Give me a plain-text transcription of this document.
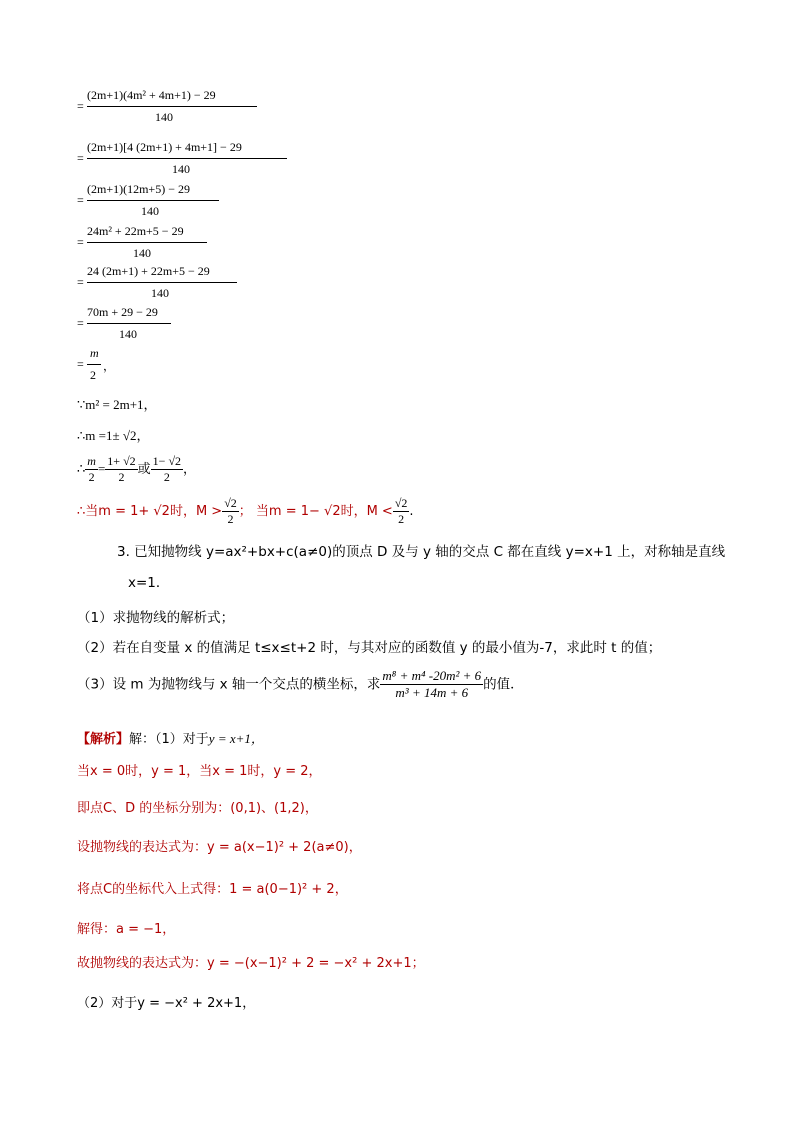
=
(2m+1)(4m² + 4m+1) − 29
140
=
(2m+1)[4 (2m+1) + 4m+1] − 29
140
=
(2m+1)(12m+5) − 29
140
=
24m² + 22m+5 − 29
140
=
24 (2m+1) + 22m+5 − 29
140
=
70m + 29 − 29
140
=
m
2
，
∵m² = 2m+1，
∴m =1± √2，
∴ $\frac{m}{2} = \frac{1+ √2}{2}$ 或 $\frac{1- √2}{2}$ ，
∴当m = 1+ √2时，$M > \frac{√2}{2}$ ； 当m = 1− √2时，$M < \frac{√2}{2}$ .
3. 已知抛物线 y=ax²+bx+c(a≠0)的顶点 D 及与 y 轴的交点 C 都在直线 y=x+1 上，对称轴是直线
x=1．
（1）求抛物线的解析式；
（2）若在自变量 x 的值满足 t≤x≤t+2 时，与其对应的函数值 y 的最小值为-7，求此时 t 的值；
（3）设 m 为抛物线与 x 轴一个交点的横坐标，求 $\frac{\text{m⁸ + m⁴ -20m² + 6}}{\text{m³ + 14m + 6}}$ 的值．
【解析】解：（1）对于y = x+1，
当x = 0时，y = 1，当x = 1时，y = 2，
即点C、D 的坐标分别为：(0,1)、(1,2)，
设抛物线的表达式为：y = a(x−1)² + 2(a≠0)，
将点C的坐标代入上式得：1 = a(0−1)² + 2，
解得：a = −1，
故抛物线的表达式为：y = −(x−1)² + 2 = −x² + 2x+1；
（2）对于y = −x² + 2x+1，
